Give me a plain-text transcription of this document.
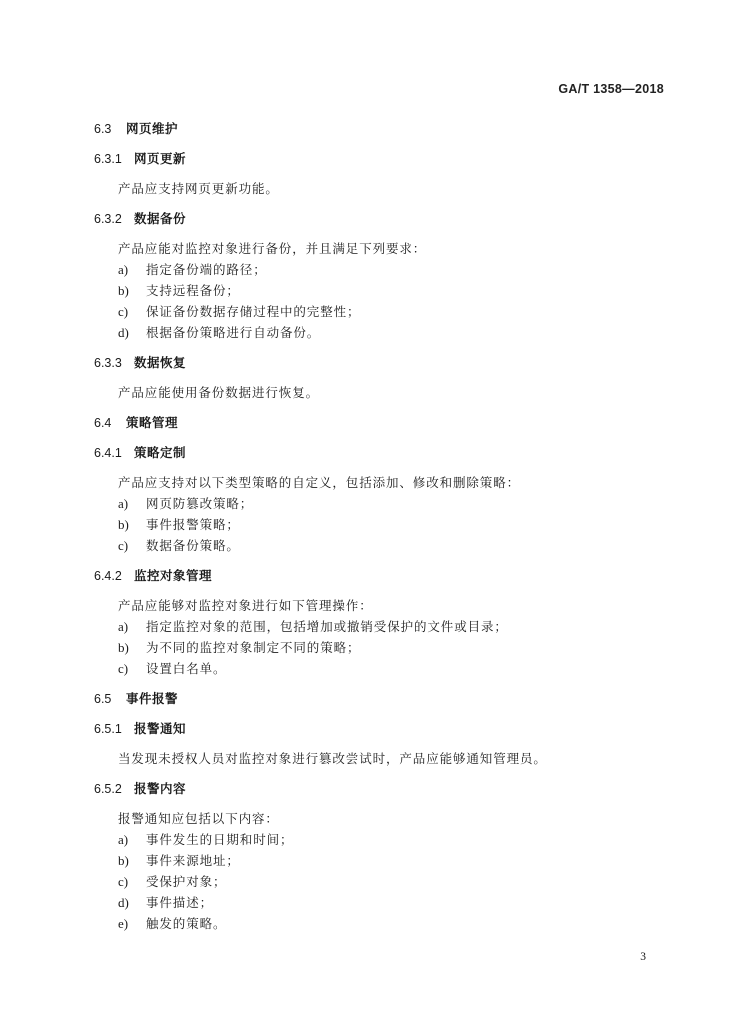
GA/T 1358—2018
6.3 网页维护
6.3.1 网页更新
产品应支持网页更新功能。
6.3.2 数据备份
产品应能对监控对象进行备份，并且满足下列要求：
a) 指定备份端的路径；
b) 支持远程备份；
c) 保证备份数据存储过程中的完整性；
d) 根据备份策略进行自动备份。
6.3.3 数据恢复
产品应能使用备份数据进行恢复。
6.4 策略管理
6.4.1 策略定制
产品应支持对以下类型策略的自定义，包括添加、修改和删除策略：
a) 网页防篡改策略；
b) 事件报警策略；
c) 数据备份策略。
6.4.2 监控对象管理
产品应能够对监控对象进行如下管理操作：
a) 指定监控对象的范围，包括增加或撤销受保护的文件或目录；
b) 为不同的监控对象制定不同的策略；
c) 设置白名单。
6.5 事件报警
6.5.1 报警通知
当发现未授权人员对监控对象进行篡改尝试时，产品应能够通知管理员。
6.5.2 报警内容
报警通知应包括以下内容：
a) 事件发生的日期和时间；
b) 事件来源地址；
c) 受保护对象；
d) 事件描述；
e) 触发的策略。
3
